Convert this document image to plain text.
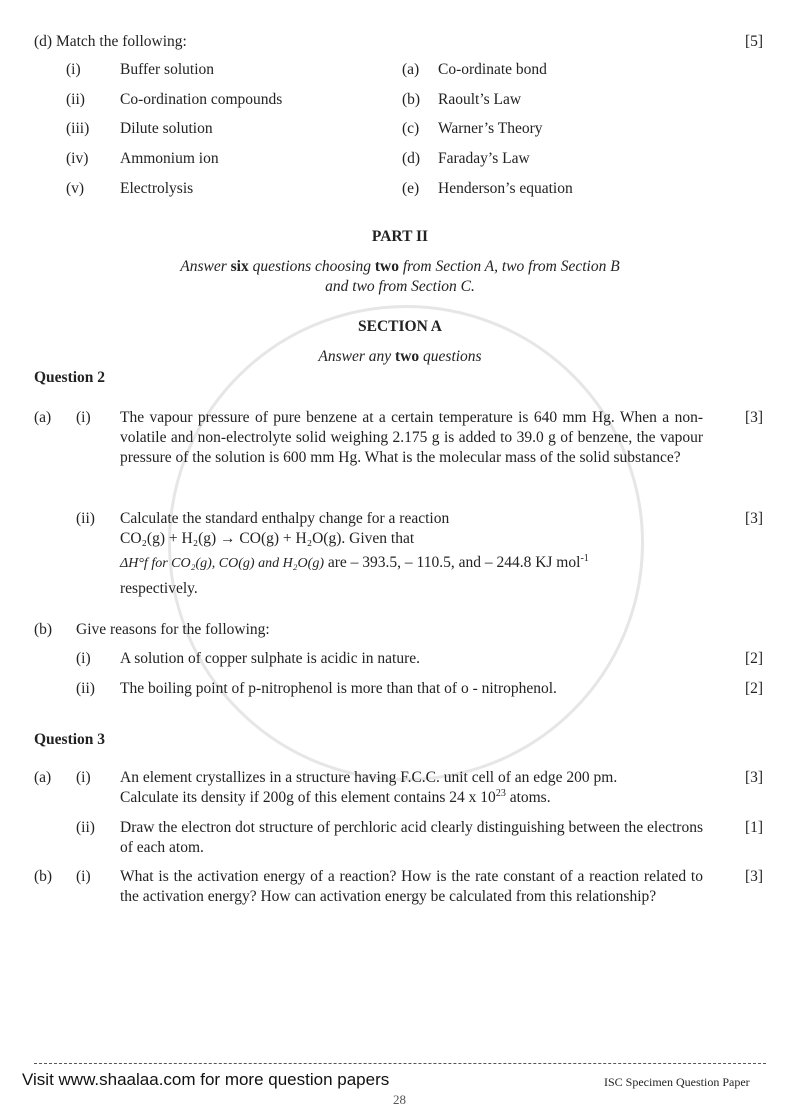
(d) Match the following:	[5]
(i)	Buffer solution	(a) Co-ordinate bond
(ii) Co-ordination compounds	(b) Raoult’s Law
(iii) Dilute solution	(c) Warner’s Theory
(iv) Ammonium ion	(d) Faraday’s Law
(v) Electrolysis	(e) Henderson’s equation
PART II
Answer six questions choosing two from Section A, two from Section B
and two from Section C.
SECTION A
Answer any two questions
Question 2
(a) (i) The vapour pressure of pure benzene at a certain temperature is 640 mm Hg. When a non-volatile and non-electrolyte solid weighing 2.175 g is added to 39.0 g of benzene, the vapour pressure of the solution is 600 mm Hg. What is the molecular mass of the solid substance?
[3]
(ii) Calculate the standard enthalpy change for a reaction
CO₂(g) + H₂(g) → CO(g) + H₂O(g). Given that
ΔH°f for CO₂(g), CO(g) and H₂O(g) are – 393.5, – 110.5, and – 244.8 KJ mol$^{-1}$
respectively.
[3]
(b) Give reasons for the following:
(i) A solution of copper sulphate is acidic in nature.	[2]
(ii) The boiling point of p-nitrophenol is more than that of o - nitrophenol.	[2]
Question 3
(a) (i) An element crystallizes in a structure having F.C.C. unit cell of an edge 200 pm.
Calculate its density if 200g of this element contains 24 x $10^{23}$ atoms.
[3]
(ii) Draw the electron dot structure of perchloric acid clearly distinguishing between the electrons of each atom.
[1]
(b) (i) What is the activation energy of a reaction? How is the rate constant of a reaction related to the activation energy? How can activation energy be calculated from this relationship?
[3]
Visit www.shaalaa.com for more question papers
28
ISC Specimen Question Paper
